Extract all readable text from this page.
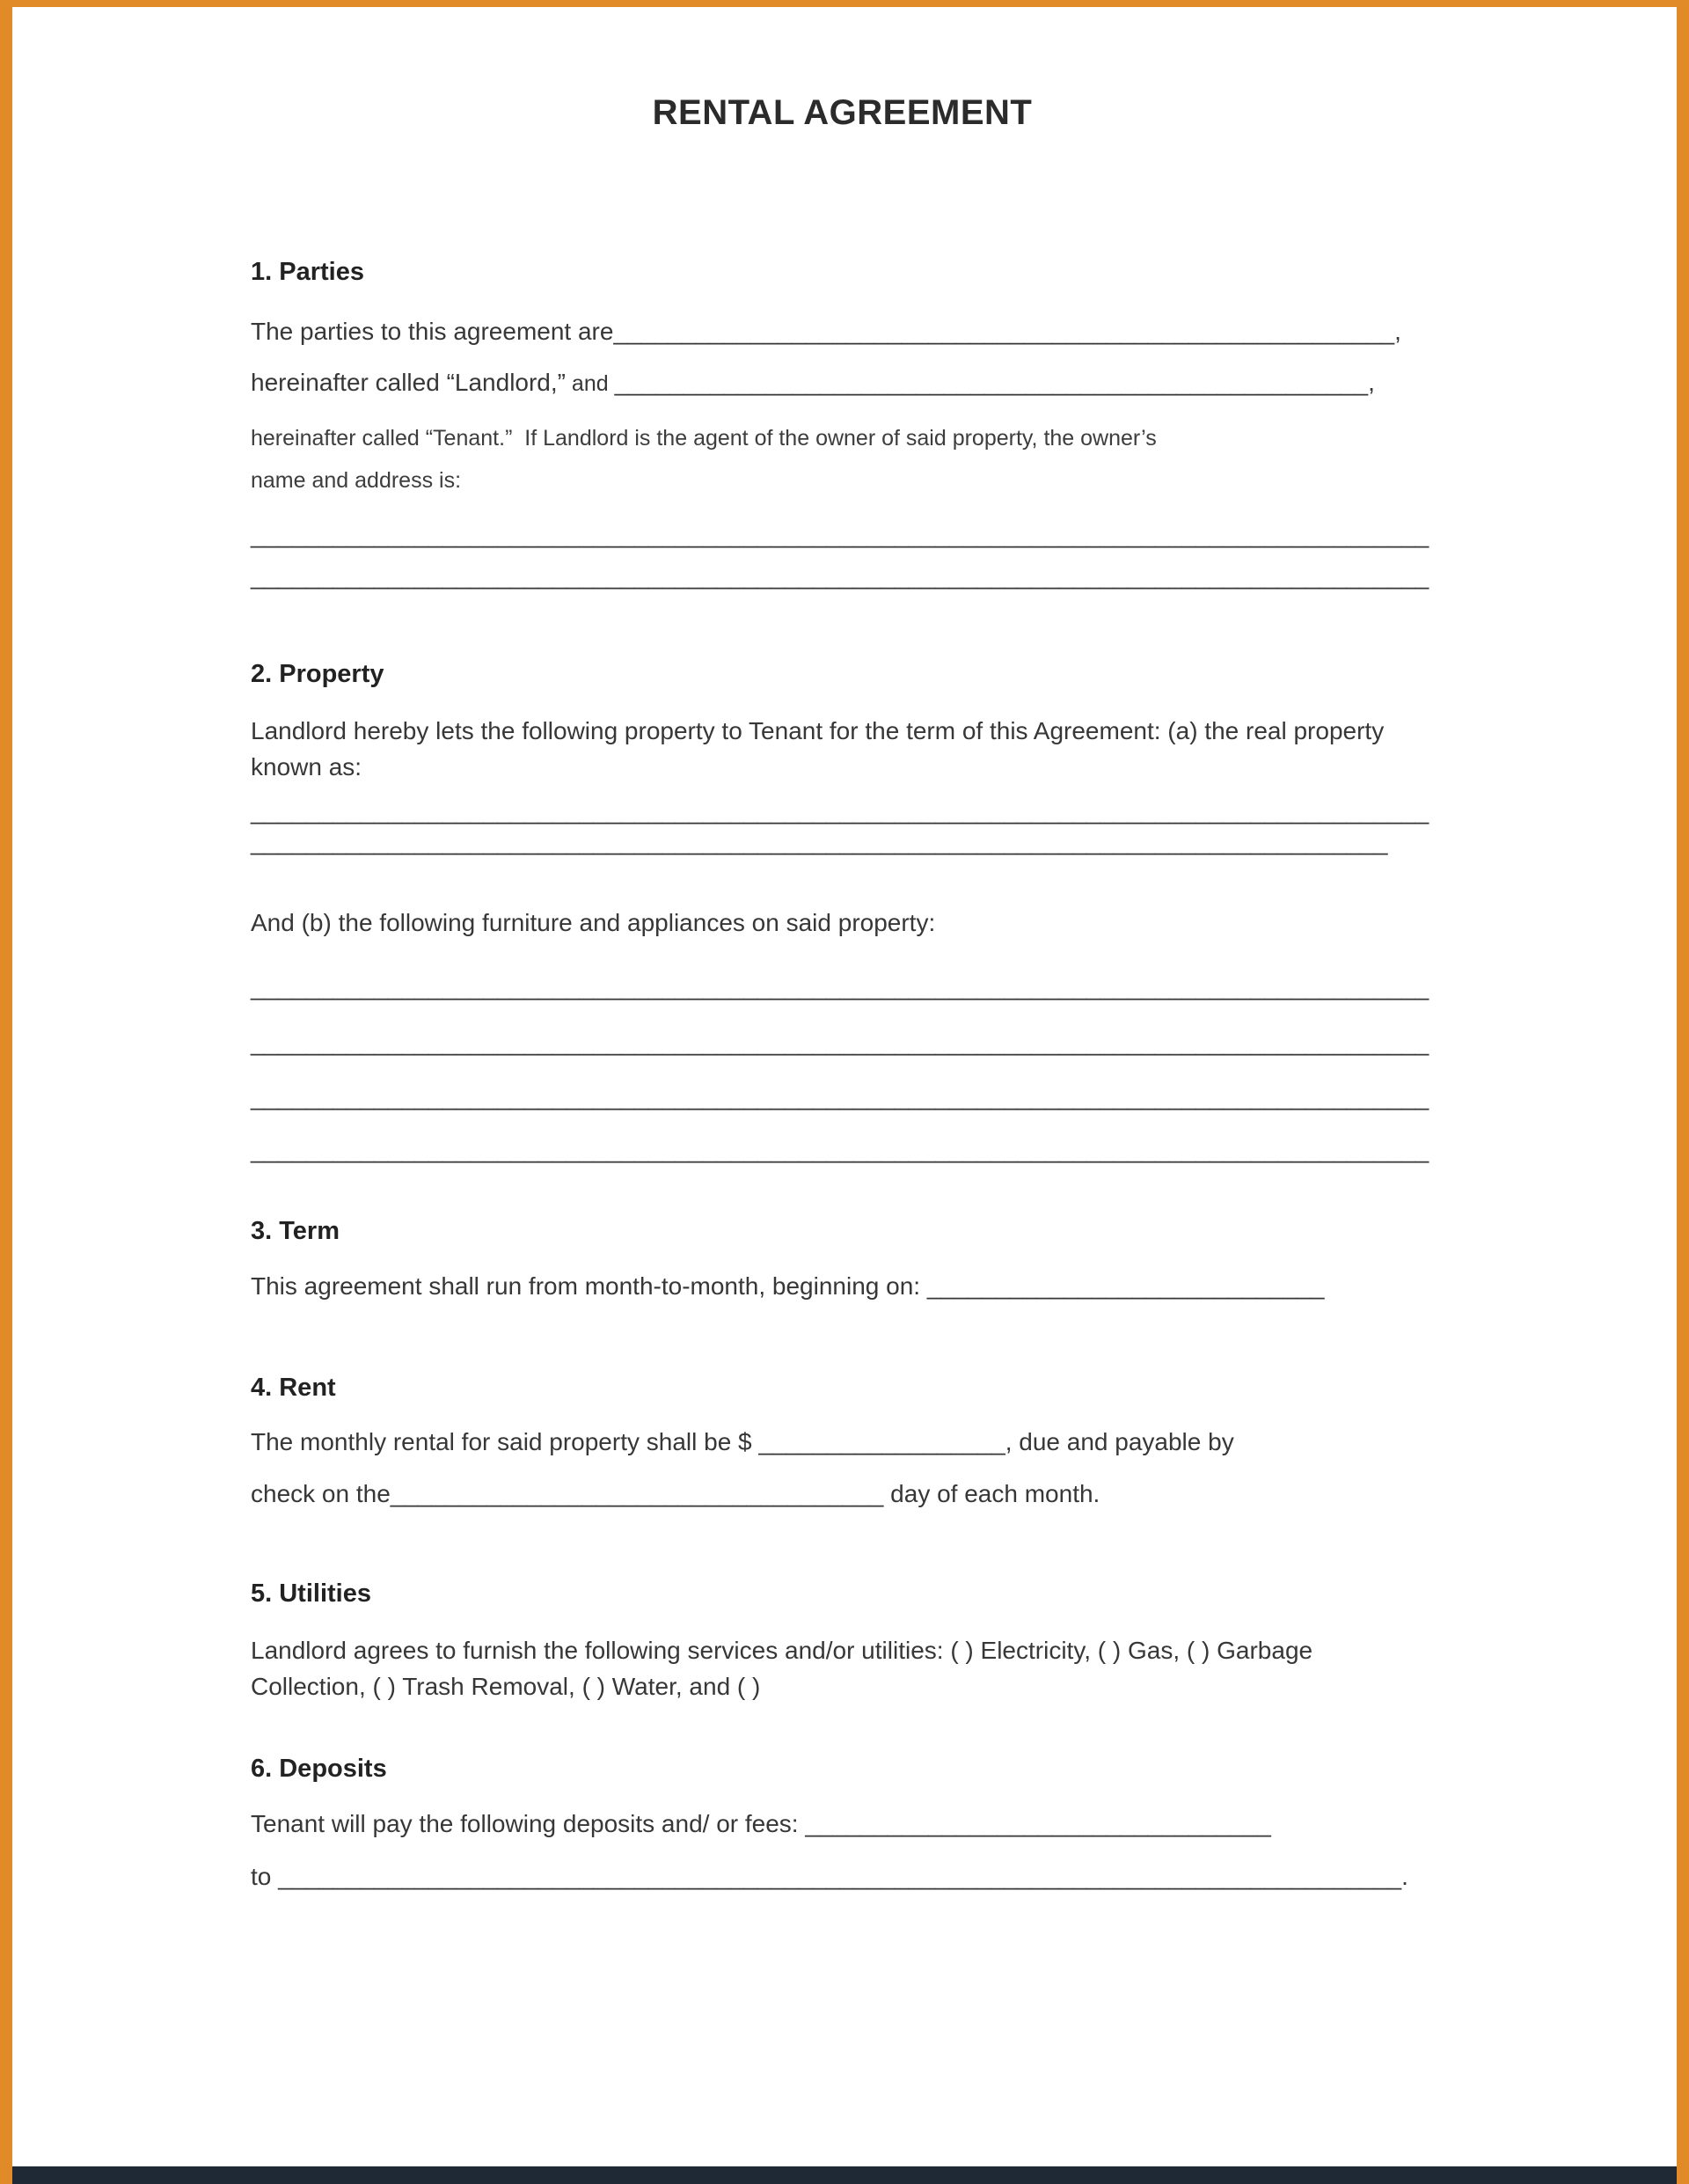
RENTAL AGREEMENT
1. Parties

The parties to this agreement are_________________________________________________________,

hereinafter called “Landlord,” and _______________________________________________________,

hereinafter called “Tenant.”  If Landlord is the agent of the owner of said property, the owner’s

name and address is:

______________________________________________________________________________________

______________________________________________________________________________________

2. Property

Landlord hereby lets the following property to Tenant for the term of this Agreement: (a) the real property known as:

______________________________________________________________________________________

___________________________________________________________________________________

And (b) the following furniture and appliances on said property:

______________________________________________________________________________________

______________________________________________________________________________________

______________________________________________________________________________________

______________________________________________________________________________________

3. Term

This agreement shall run from month-to-month, beginning on: _____________________________

4. Rent

The monthly rental for said property shall be $ __________________, due and payable by

check on the____________________________________ day of each month.

5. Utilities

Landlord agrees to furnish the following services and/or utilities: ( ) Electricity, ( ) Gas, ( ) Garbage Collection, ( ) Trash Removal, ( ) Water, and ( )

6. Deposits

Tenant will pay the following deposits and/ or fees: __________________________________

to __________________________________________________________________________________.
